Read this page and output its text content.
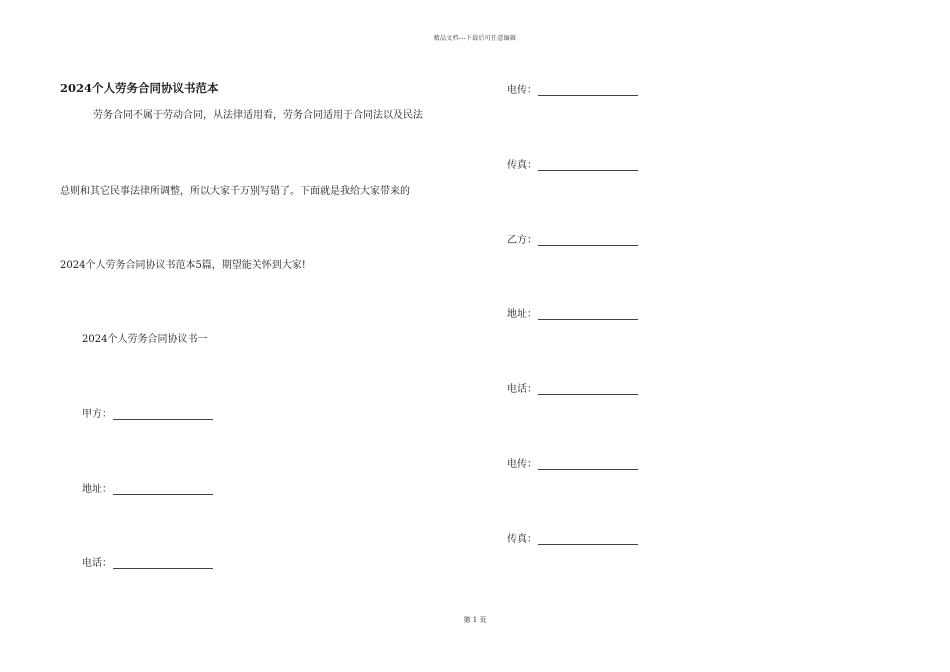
精品文档---下载后可任意编辑
2024个人劳务合同协议书范本
劳务合同不属于劳动合同，从法律适用看，劳务合同适用于合同法以及民法
总则和其它民事法律所调整，所以大家千万别写错了。下面就是我给大家带来的
2024个人劳务合同协议书范本5篇，期望能关怀到大家!
2024个人劳务合同协议书一
甲方：
地址：
电话：
电传：
传真：
乙方：
地址：
电话：
电传：
传真：
第 1 页
